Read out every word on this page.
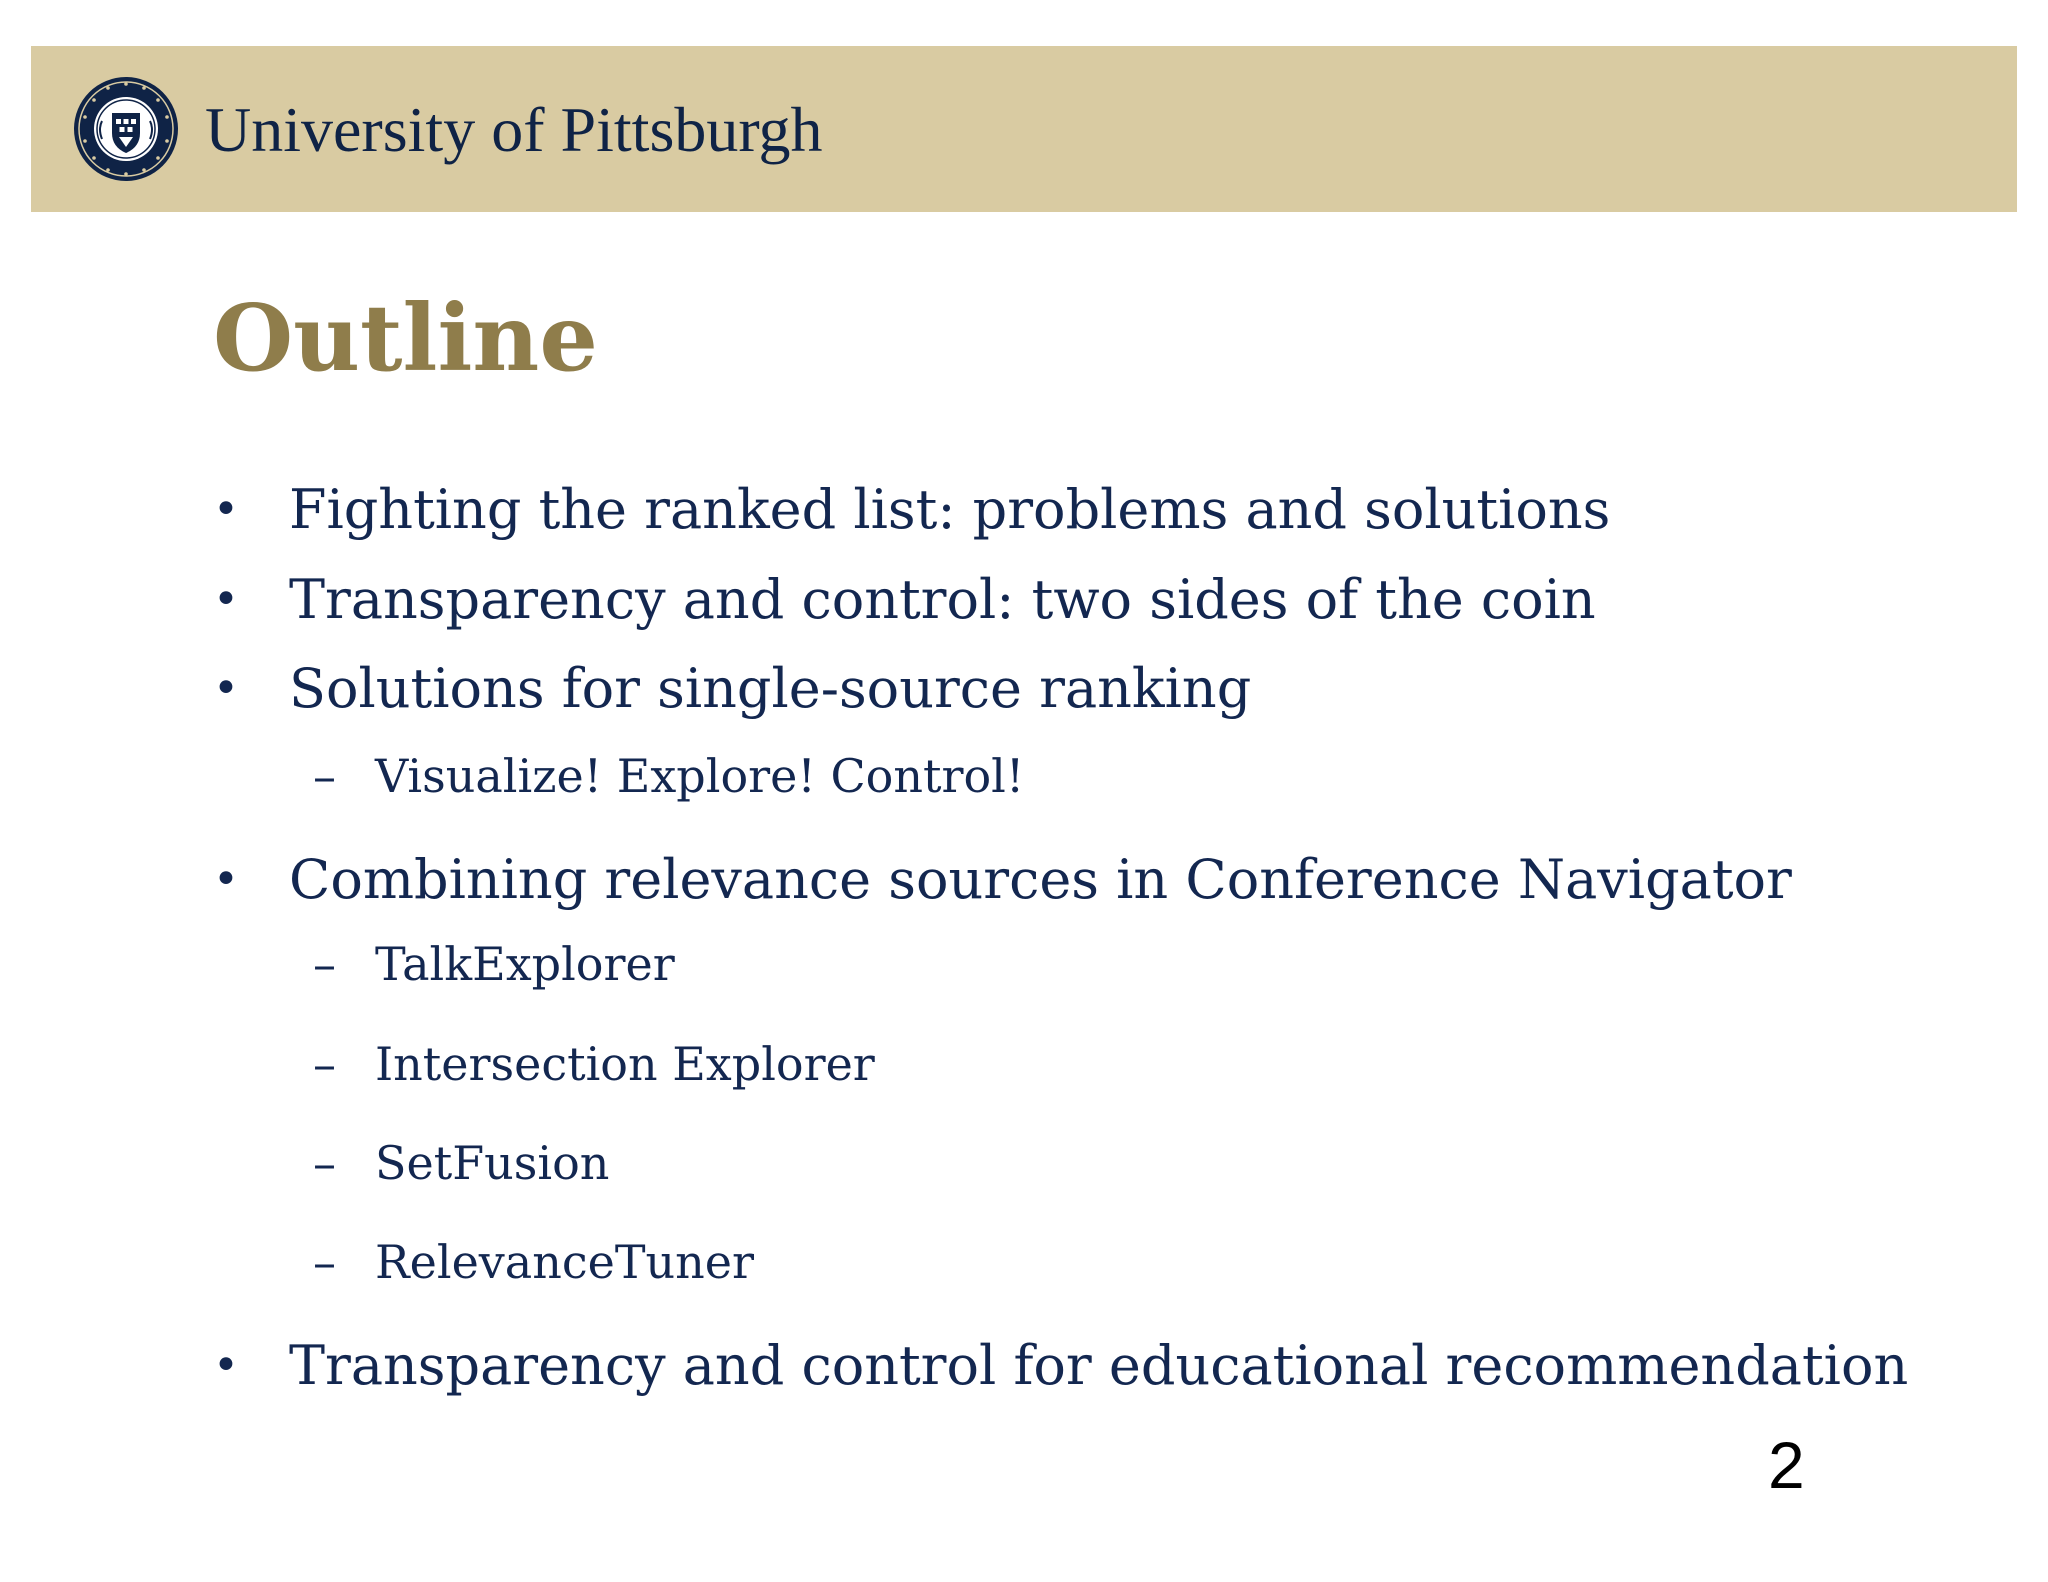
University of Pittsburgh
Outline
• Fighting the ranked list: problems and solutions
• Transparency and control: two sides of the coin
• Solutions for single-source ranking
– Visualize! Explore! Control!
• Combining relevance sources in Conference Navigator
– TalkExplorer
– Intersection Explorer
– SetFusion
– RelevanceTuner
• Transparency and control for educational recommendation
2
